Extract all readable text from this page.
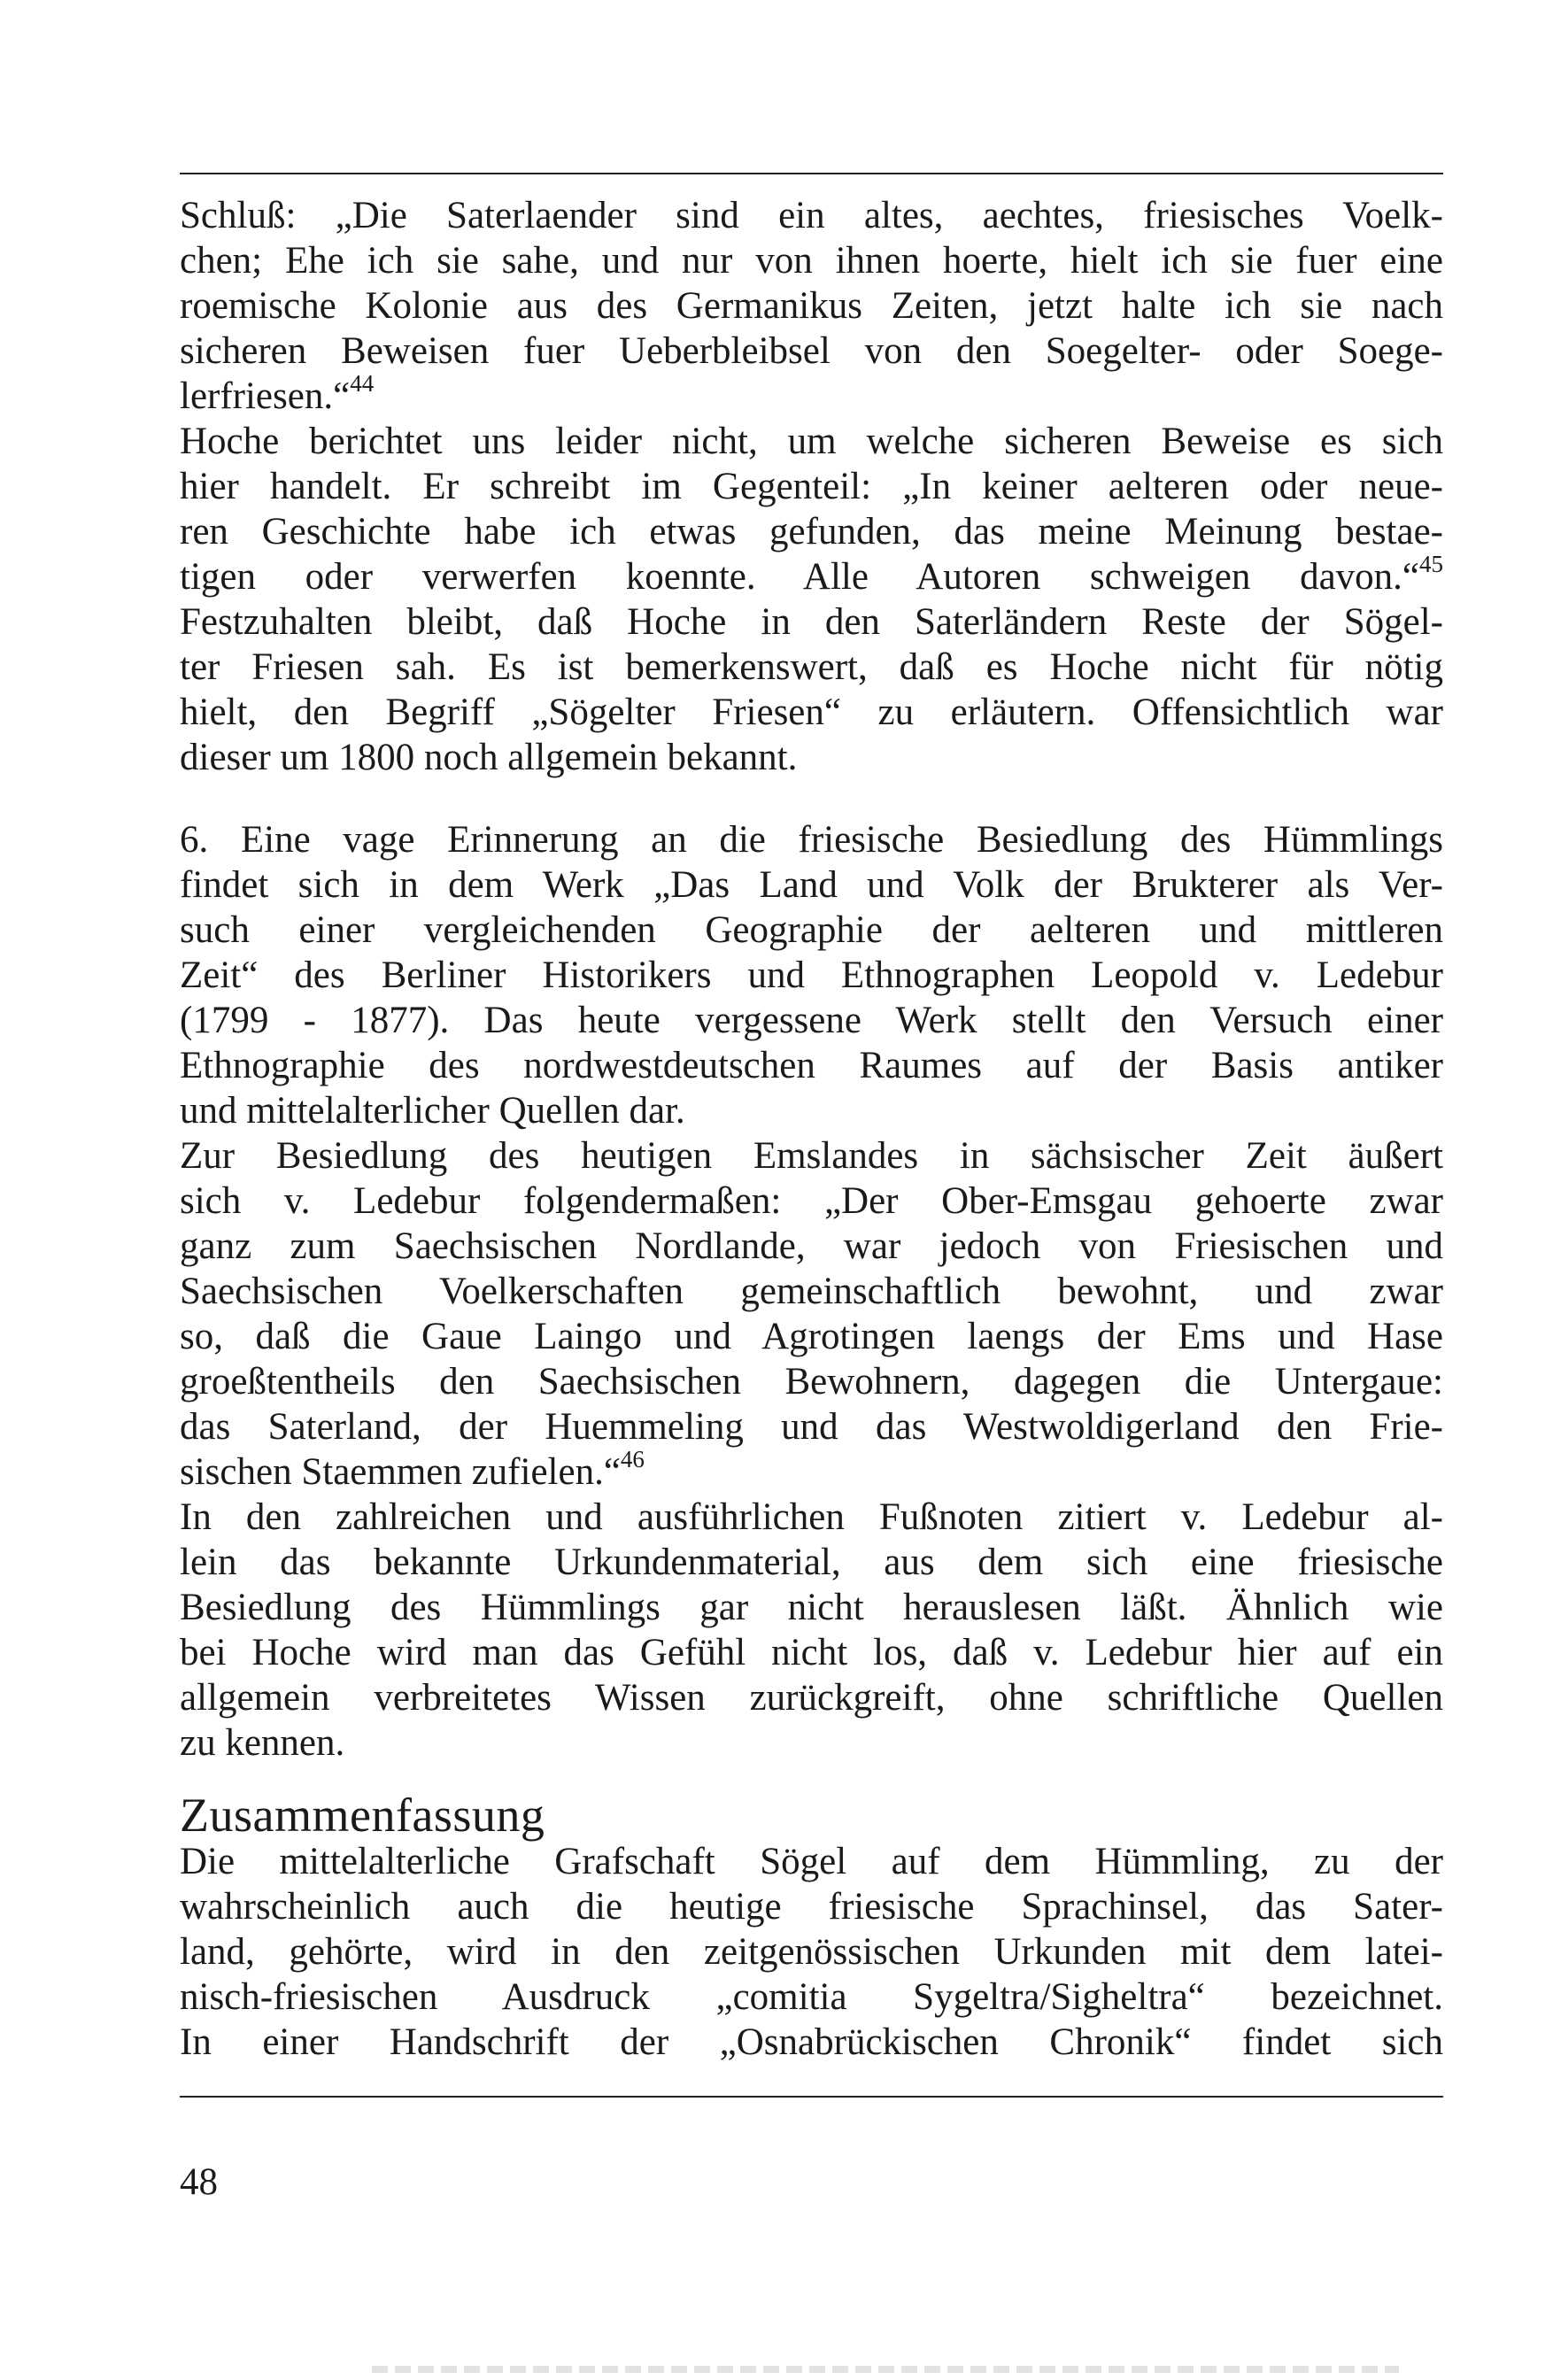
Schluß: „Die Saterlaender sind ein altes, aechtes, friesisches Voelk-
chen; Ehe ich sie sahe, und nur von ihnen hoerte, hielt ich sie fuer eine
roemische Kolonie aus des Germanikus Zeiten, jetzt halte ich sie nach
sicheren Beweisen fuer Ueberbleibsel von den Soegelter- oder Soege-
lerfriesen.“$^{44}$
Hoche berichtet uns leider nicht, um welche sicheren Beweise es sich
hier handelt. Er schreibt im Gegenteil: „In keiner aelteren oder neue-
ren Geschichte habe ich etwas gefunden, das meine Meinung bestae-
tigen oder verwerfen koennte. Alle Autoren schweigen davon.“$^{45}$
Festzuhalten bleibt, daß Hoche in den Saterländern Reste der Sögel-
ter Friesen sah. Es ist bemerkenswert, daß es Hoche nicht für nötig
hielt, den Begriff „Sögelter Friesen“ zu erläutern. Offensichtlich war
dieser um 1800 noch allgemein bekannt.
6. Eine vage Erinnerung an die friesische Besiedlung des Hümmlings
findet sich in dem Werk „Das Land und Volk der Brukterer als Ver-
such einer vergleichenden Geographie der aelteren und mittleren
Zeit“ des Berliner Historikers und Ethnographen Leopold v. Ledebur
(1799 - 1877). Das heute vergessene Werk stellt den Versuch einer
Ethnographie des nordwestdeutschen Raumes auf der Basis antiker
und mittelalterlicher Quellen dar.
Zur Besiedlung des heutigen Emslandes in sächsischer Zeit äußert
sich v. Ledebur folgendermaßen: „Der Ober-Emsgau gehoerte zwar
ganz zum Saechsischen Nordlande, war jedoch von Friesischen und
Saechsischen Voelkerschaften gemeinschaftlich bewohnt, und zwar
so, daß die Gaue Laingo und Agrotingen laengs der Ems und Hase
groeßtentheils den Saechsischen Bewohnern, dagegen die Untergaue:
das Saterland, der Huemmeling und das Westwoldigerland den Frie-
sischen Staemmen zufielen.“$^{46}$
In den zahlreichen und ausführlichen Fußnoten zitiert v. Ledebur al-
lein das bekannte Urkundenmaterial, aus dem sich eine friesische
Besiedlung des Hümmlings gar nicht herauslesen läßt. Ähnlich wie
bei Hoche wird man das Gefühl nicht los, daß v. Ledebur hier auf ein
allgemein verbreitetes Wissen zurückgreift, ohne schriftliche Quellen
zu kennen.
Zusammenfassung
Die mittelalterliche Grafschaft Sögel auf dem Hümmling, zu der
wahrscheinlich auch die heutige friesische Sprachinsel, das Sater-
land, gehörte, wird in den zeitgenössischen Urkunden mit dem latei-
nisch-friesischen Ausdruck „comitia Sygeltra/Sigheltra“ bezeichnet.
In einer Handschrift der „Osnabrückischen Chronik“ findet sich
48
